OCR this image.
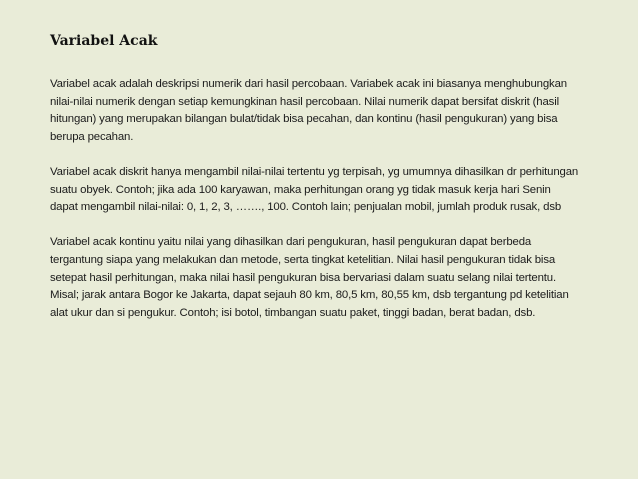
Variabel Acak

Variabel acak adalah deskripsi numerik dari hasil percobaan. Variabek acak ini biasanya menghubungkan
nilai-nilai numerik dengan setiap kemungkinan hasil percobaan. Nilai numerik dapat bersifat diskrit (hasil
hitungan) yang merupakan bilangan bulat/tidak bisa pecahan, dan kontinu (hasil pengukuran) yang bisa
berupa pecahan.

Variabel acak diskrit hanya mengambil nilai-nilai tertentu yg terpisah, yg umumnya dihasilkan dr perhitungan
suatu obyek. Contoh; jika ada 100 karyawan, maka perhitungan orang yg tidak masuk kerja hari Senin
dapat mengambil nilai-nilai: 0, 1, 2, 3, ……., 100. Contoh lain; penjualan mobil, jumlah produk rusak, dsb

Variabel acak kontinu yaitu nilai yang dihasilkan dari pengukuran, hasil pengukuran dapat berbeda
tergantung siapa yang melakukan dan metode, serta tingkat ketelitian. Nilai hasil pengukuran tidak bisa
setepat hasil perhitungan, maka nilai hasil pengukuran bisa bervariasi dalam suatu selang nilai tertentu.
Misal; jarak antara Bogor ke Jakarta, dapat sejauh 80 km, 80,5 km, 80,55 km, dsb tergantung pd ketelitian
alat ukur dan si pengukur. Contoh; isi botol, timbangan suatu paket, tinggi badan, berat badan, dsb.
